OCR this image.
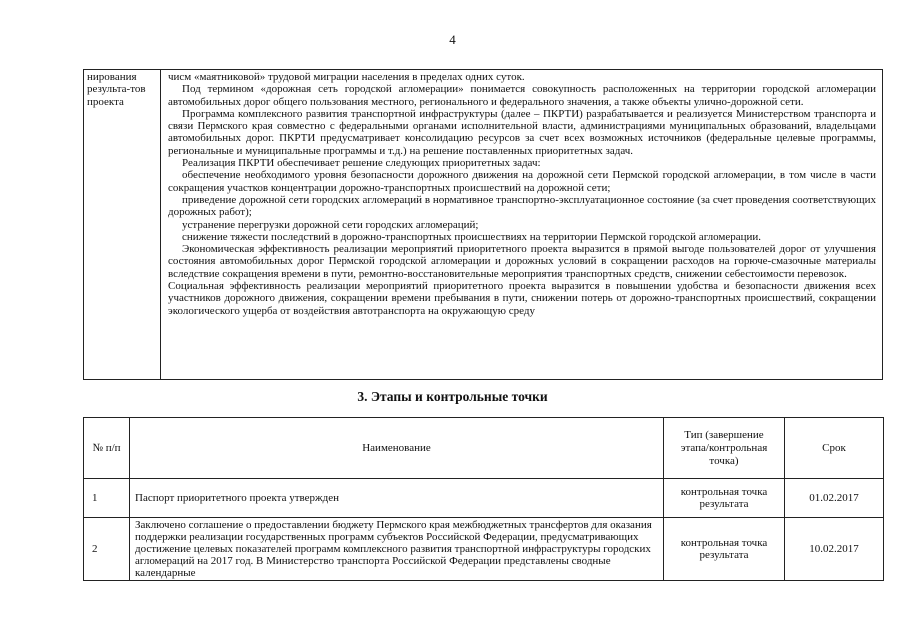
4
нирования результа-тов проекта

чисм «маятниковой» трудовой миграции населения в пределах одних суток.

Под термином «дорожная сеть городской агломерации» понимается совокупность расположенных на территории городской агломерации автомобильных дорог общего пользования местного, регионального и федерального значения, а также объекты улично-дорожной сети.

Программа комплексного развития транспортной инфраструктуры (далее – ПКРТИ) разрабатывается и реализуется Министерством транспорта и связи Пермского края совместно с федеральными органами исполнительной власти, администрациями муниципальных образований, владельцами автомобильных дорог. ПКРТИ предусматривает консолидацию ресурсов за счет всех возможных источников (федеральные целевые программы, региональные и муниципальные программы и т.д.) на решение поставленных приоритетных задач.

Реализация ПКРТИ обеспечивает решение следующих приоритетных задач:

обеспечение необходимого уровня безопасности дорожного движения на дорожной сети Пермской городской агломерации, в том числе в части сокращения участков концентрации дорожно-транспортных происшествий на дорожной сети;

приведение дорожной сети городских агломераций в нормативное транспортно-эксплуатационное состояние (за счет проведения соответствующих дорожных работ);

устранение перегрузки дорожной сети городских агломераций;

снижение тяжести последствий в дорожно-транспортных происшествиях на территории Пермской городской агломерации.

Экономическая эффективность реализации мероприятий приоритетного проекта выразится в прямой выгоде пользователей дорог от улучшения состояния автомобильных дорог Пермской городской агломерации и дорожных условий в сокращении расходов на горюче-смазочные материалы вследствие сокращения времени в пути, ремонтно-восстановительные мероприятия транспортных средств, снижении себестоимости перевозок.

Социальная эффективность реализации мероприятий приоритетного проекта выразится в повышении удобства и безопасности движения всех участников дорожного движения, сокращении времени пребывания в пути, снижении потерь от дорожно-транспортных происшествий, сокращении экологического ущерба от воздействия автотранспорта на окружающую среду

3. Этапы и контрольные точки
№ п/п	Наименование	Тип (завершение этапа/контрольная точка)	Срок
1	Паспорт приоритетного проекта утвержден	контрольная точка результата	01.02.2017
2	Заключено соглашение о предоставлении бюджету Пермского края межбюджетных трансфертов для оказания поддержки реализации государственных программ субъектов Российской Федерации, предусматривающих достижение целевых показателей программ комплексного развития транспортной инфраструктуры городских агломераций на 2017 год. В Министерство транспорта Российской Федерации представлены сводные календарные	контрольная точка результата	10.02.2017
